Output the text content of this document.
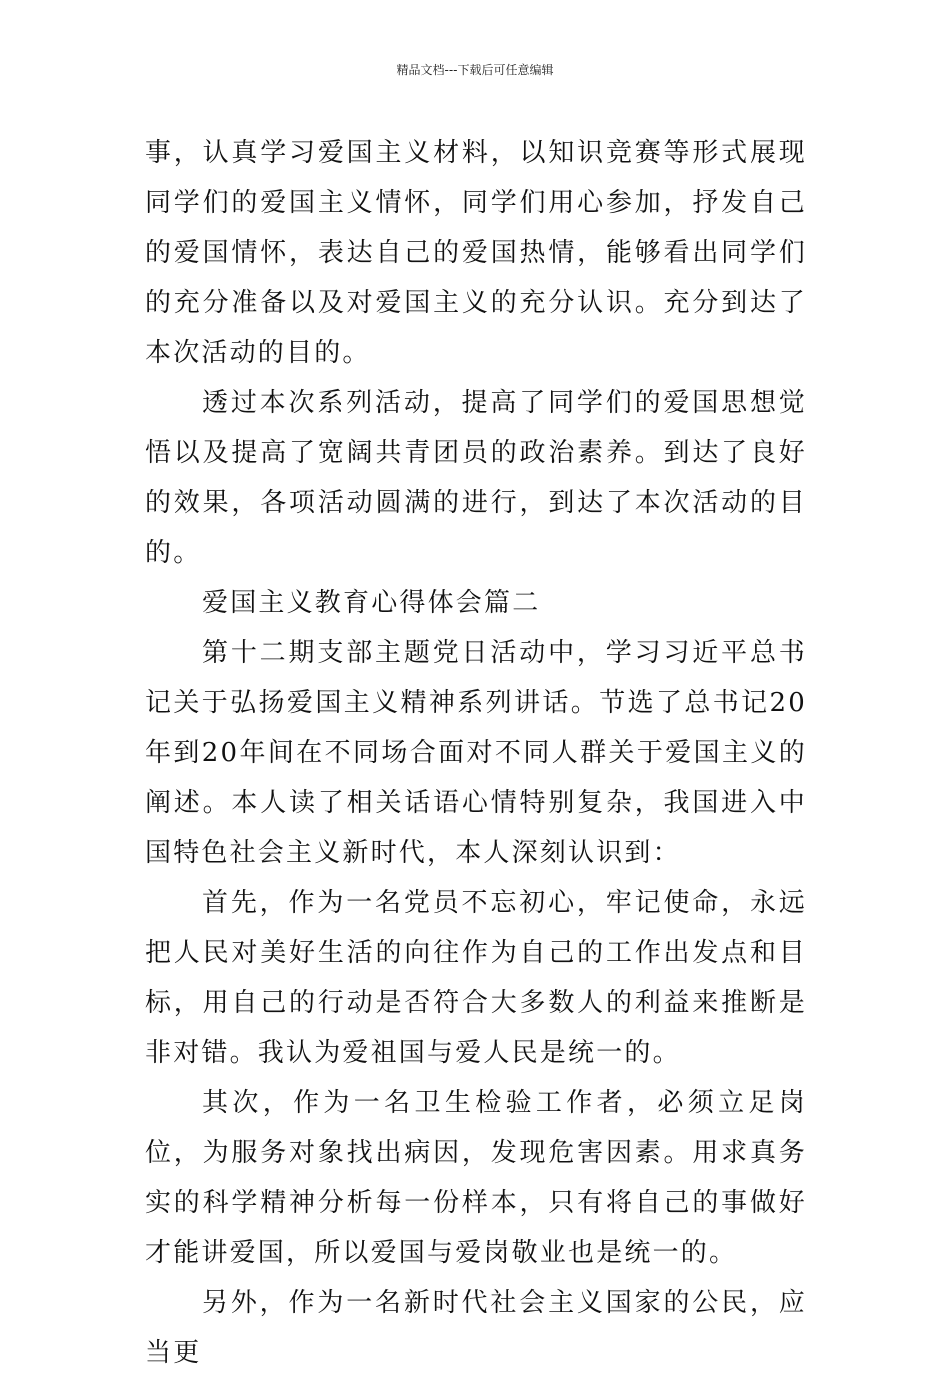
精品文档---下载后可任意编辑

事，认真学习爱国主义材料，以知识竞赛等形式展现同学们的爱国主义情怀，同学们用心参加，抒发自己的爱国情怀，表达自己的爱国热情，能够看出同学们的充分准备以及对爱国主义的充分认识。充分到达了本次活动的目的。

透过本次系列活动，提高了同学们的爱国思想觉悟以及提高了宽阔共青团员的政治素养。到达了良好的效果，各项活动圆满的进行，到达了本次活动的目的。

爱国主义教育心得体会篇二

第十二期支部主题党日活动中，学习习近平总书记关于弘扬爱国主义精神系列讲话。节选了总书记20年到20年间在不同场合面对不同人群关于爱国主义的阐述。本人读了相关话语心情特别复杂，我国进入中国特色社会主义新时代，本人深刻认识到：

首先，作为一名党员不忘初心，牢记使命，永远把人民对美好生活的向往作为自己的工作出发点和目标，用自己的行动是否符合大多数人的利益来推断是非对错。我认为爱祖国与爱人民是统一的。

其次，作为一名卫生检验工作者，必须立足岗位，为服务对象找出病因，发现危害因素。用求真务实的科学精神分析每一份样本，只有将自己的事做好才能讲爱国，所以爱国与爱岗敬业也是统一的。

另外，作为一名新时代社会主义国家的公民，应当更
